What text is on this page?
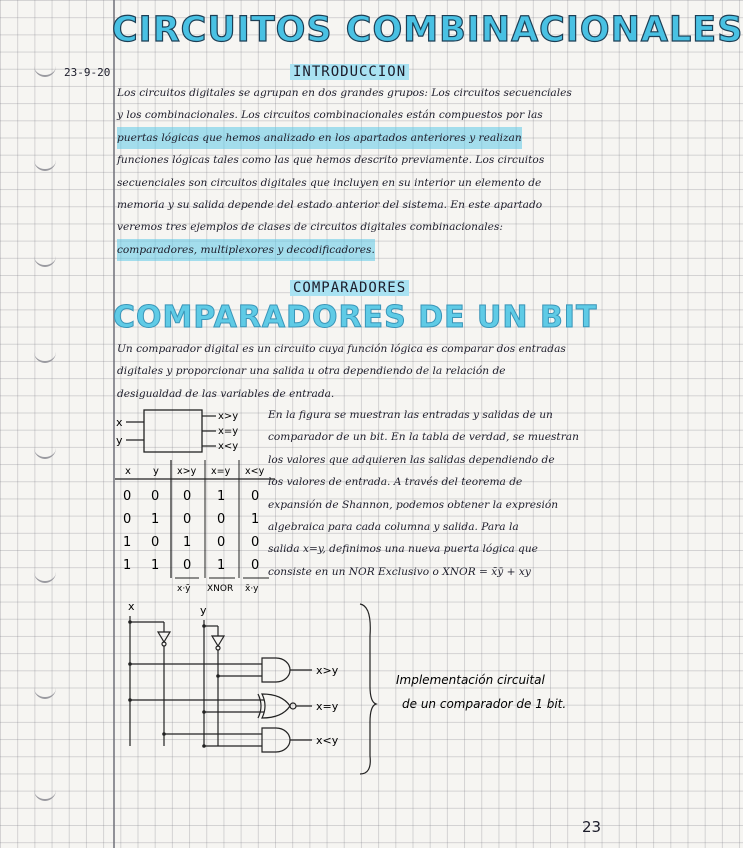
CIRCUITOS COMBINACIONALES
23-9-20	INTRODUCCION
Los circuitos digitales se agrupan en dos grandes grupos: Los circuitos secuenciales
y los combinacionales. Los circuitos combinacionales están compuestos por las
puertas lógicas que hemos analizado en los apartados anteriores y realizan
funciones lógicas tales como las que hemos descrito previamente. Los circuitos
secuenciales son circuitos digitales que incluyen en su interior un elemento de
memoria y su salida depende del estado anterior del sistema. En este apartado
veremos tres ejemplos de clases de circuitos digitales combinacionales:
comparadores, multiplexores y decodificadores.
COMPARADORES
COMPARADORES DE UN BIT
Un comparador digital es un circuito cuya función lógica es comparar dos entradas
digitales y proporcionar una salida u otra dependiendo de la relación de
desigualdad de las variables de entrada.
x
y
x>y
x=y
x<y
En la figura se muestran las entradas y salidas de un
comparador de un bit. En la tabla de verdad, se muestran
los valores que adquieren las salidas dependiendo de
los valores de entrada. A través del teorema de
expansión de Shannon, podemos obtener la expresión
algebraica para cada columna y salida. Para la
salida x=y, definimos una nueva puerta lógica que
consiste en un NOR Exclusivo o XNOR = x̄ȳ + xy
x y x>y x=y x<y
0 0 0 1 0
0 1 0 0 1
1 0 1 0 0
1 1 0 1 0
x·ȳ XNOR x̄·y
x	y
x>y
x=y
x<y
Implementación circuital
de un comparador de 1 bit.
23
